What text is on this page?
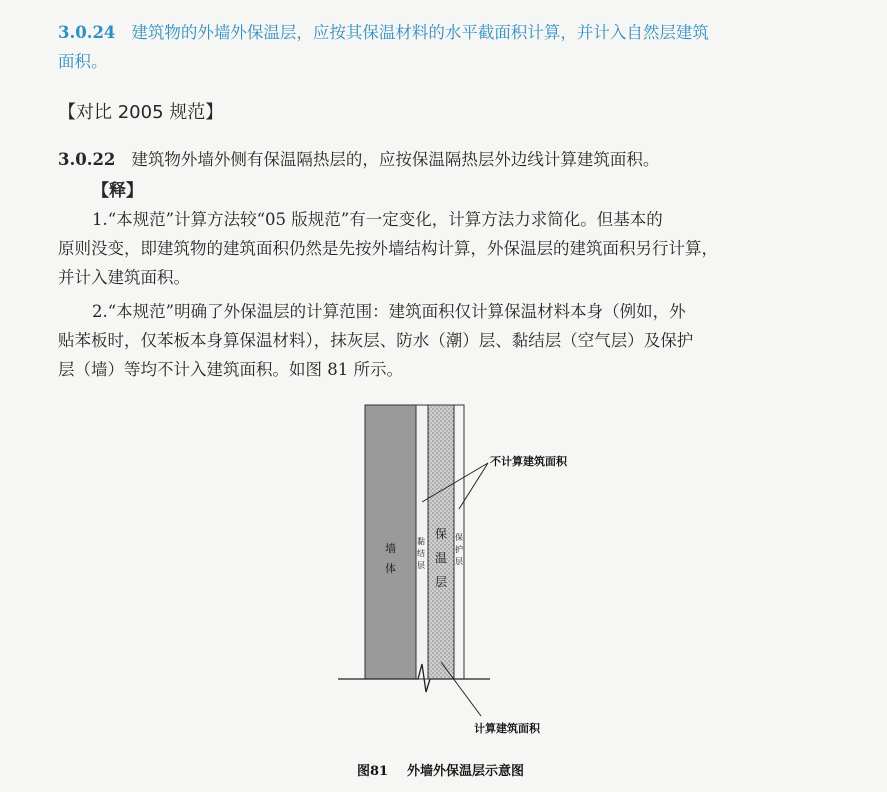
3.0.24 建筑物的外墙外保温层，应按其保温材料的水平截面积计算，并计入自然层建筑
面积。
【对比 2005 规范】
3.0.22 建筑物外墙外侧有保温隔热层的，应按保温隔热层外边线计算建筑面积。
【释】
1.“本规范”计算方法较“05 版规范”有一定变化，计算方法力求简化。但基本的
原则没变，即建筑物的建筑面积仍然是先按外墙结构计算，外保温层的建筑面积另行计算，
并计入建筑面积。
2.“本规范”明确了外保温层的计算范围：建筑面积仅计算保温材料本身（例如，外
贴苯板时，仅苯板本身算保温材料），抹灰层、防水（潮）层、黏结层（空气层）及保护
层（墙）等均不计入建筑面积。如图 81 所示。
墙
体
黏
结
层
保
温
层
保
护
层
不计算建筑面积
计算建筑面积
图81 外墙外保温层示意图
